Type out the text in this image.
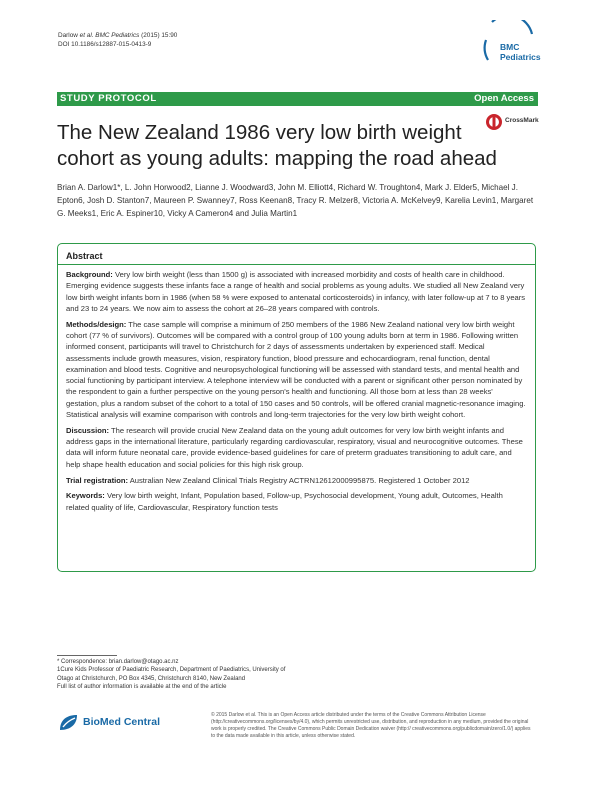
Darlow et al. BMC Pediatrics (2015) 15:90
DOI 10.1186/s12887-015-0413-9	BMC
Pediatrics
STUDY PROTOCOL	Open Access
The New Zealand 1986 very low birth weight cohort as young adults: mapping the road ahead
CrossMark
Brian A. Darlow1*, L. John Horwood2, Lianne J. Woodward3, John M. Elliott4, Richard W. Troughton4, Mark J. Elder5, Michael J. Epton6, Josh D. Stanton7, Maureen P. Swanney7, Ross Keenan8, Tracy R. Melzer8, Victoria A. McKelvey9, Karelia Levin1, Margaret G. Meeks1, Eric A. Espiner10, Vicky A Cameron4 and Julia Martin1
Abstract

Background: Very low birth weight (less than 1500 g) is associated with increased morbidity and costs of health care in childhood. Emerging evidence suggests these infants face a range of health and social problems as young adults. We studied all New Zealand very low birth weight infants born in 1986 (when 58 % were exposed to antenatal corticosteroids) in infancy, with later follow-up at 7 to 8 years and 23 to 24 years. We now aim to assess the cohort at 26–28 years compared with controls.

Methods/design: The case sample will comprise a minimum of 250 members of the 1986 New Zealand national very low birth weight cohort (77 % of survivors). Outcomes will be compared with a control group of 100 young adults born at term in 1986. Following written informed consent, participants will travel to Christchurch for 2 days of assessments undertaken by experienced staff. Medical assessments include growth measures, vision, respiratory function, blood pressure and echocardiogram, renal function, dental examination and blood tests. Cognitive and neuropsychological functioning will be assessed with standard tests, and mental health and social functioning by participant interview. A telephone interview will be conducted with a parent or significant other person nominated by the respondent to gain a further perspective on the young person's health and functioning. All those born at less than 28 weeks' gestation, plus a random subset of the cohort to a total of 150 cases and 50 controls, will be offered cranial magnetic-resonance imaging. Statistical analysis will examine comparison with controls and long-term trajectories for the very low birth weight cohort.

Discussion: The research will provide crucial New Zealand data on the young adult outcomes for very low birth weight infants and address gaps in the international literature, particularly regarding cardiovascular, respiratory, visual and neurocognitive outcomes. These data will inform future neonatal care, provide evidence-based guidelines for care of preterm graduates transitioning to adult care, and help shape health education and social policies for this high risk group.

Trial registration: Australian New Zealand Clinical Trials Registry ACTRN12612000995875. Registered 1 October 2012

Keywords: Very low birth weight, Infant, Population based, Follow-up, Psychosocial development, Young adult, Outcomes, Health related quality of life, Cardiovascular, Respiratory function tests

* Correspondence: brian.darlow@otago.ac.nz
1Cure Kids Professor of Paediatric Research, Department of Paediatrics, University of Otago at Christchurch, PO Box 4345, Christchurch 8140, New Zealand
Full list of author information is available at the end of the article
BioMed Central
© 2015 Darlow et al. This is an Open Access article distributed under the terms of the Creative Commons Attribution License (http://creativecommons.org/licenses/by/4.0), which permits unrestricted use, distribution, and reproduction in any medium, provided the original work is properly credited. The Creative Commons Public Domain Dedication waiver (http:// creativecommons.org/publicdomain/zero/1.0/) applies to the data made available in this article, unless otherwise stated.
